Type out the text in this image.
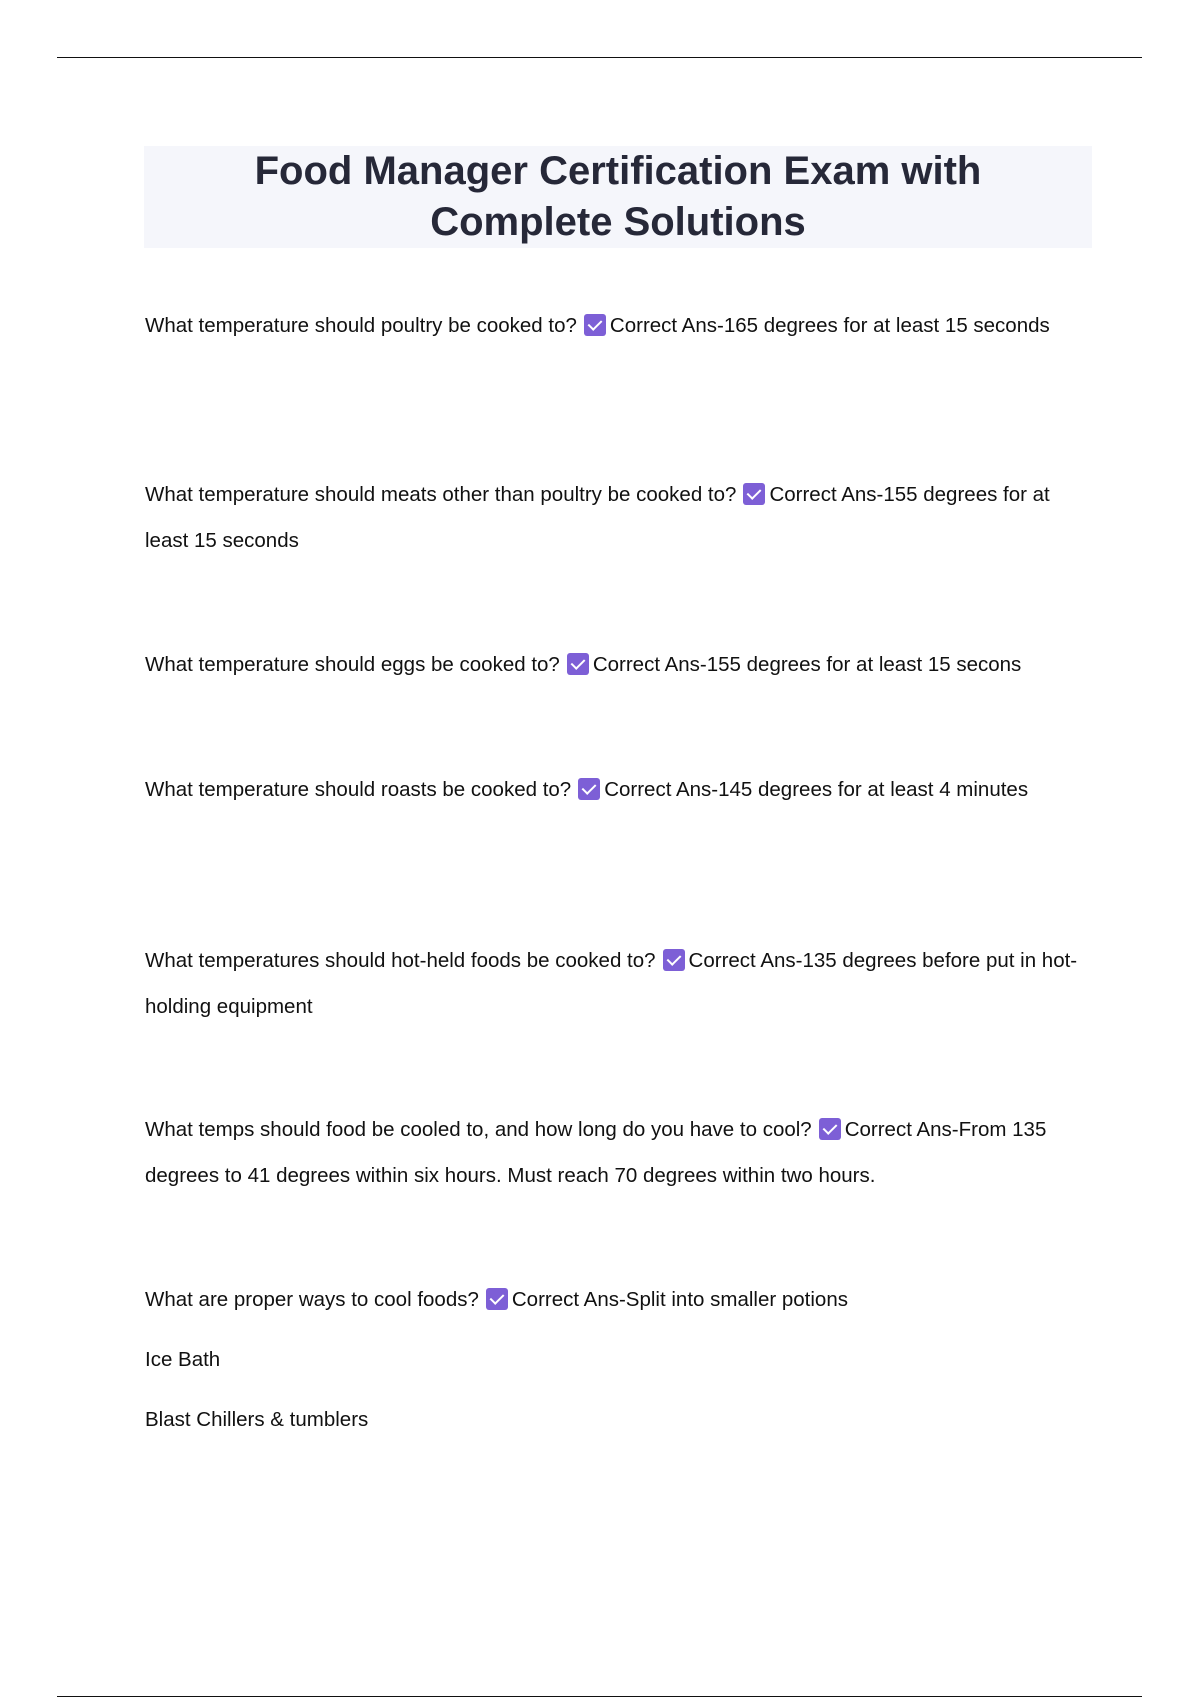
Food Manager Certification Exam with Complete Solutions

What temperature should poultry be cooked to? Correct Ans-165 degrees for at least 15 seconds

What temperature should meats other than poultry be cooked to? Correct Ans-155 degrees for at least 15 seconds

What temperature should eggs be cooked to? Correct Ans-155 degrees for at least 15 secons

What temperature should roasts be cooked to? Correct Ans-145 degrees for at least 4 minutes

What temperatures should hot-held foods be cooked to? Correct Ans-135 degrees before put in hot-holding equipment

What temps should food be cooled to, and how long do you have to cool? Correct Ans-From 135 degrees to 41 degrees within six hours. Must reach 70 degrees within two hours.

What are proper ways to cool foods? Correct Ans-Split into smaller potions

Ice Bath

Blast Chillers & tumblers
